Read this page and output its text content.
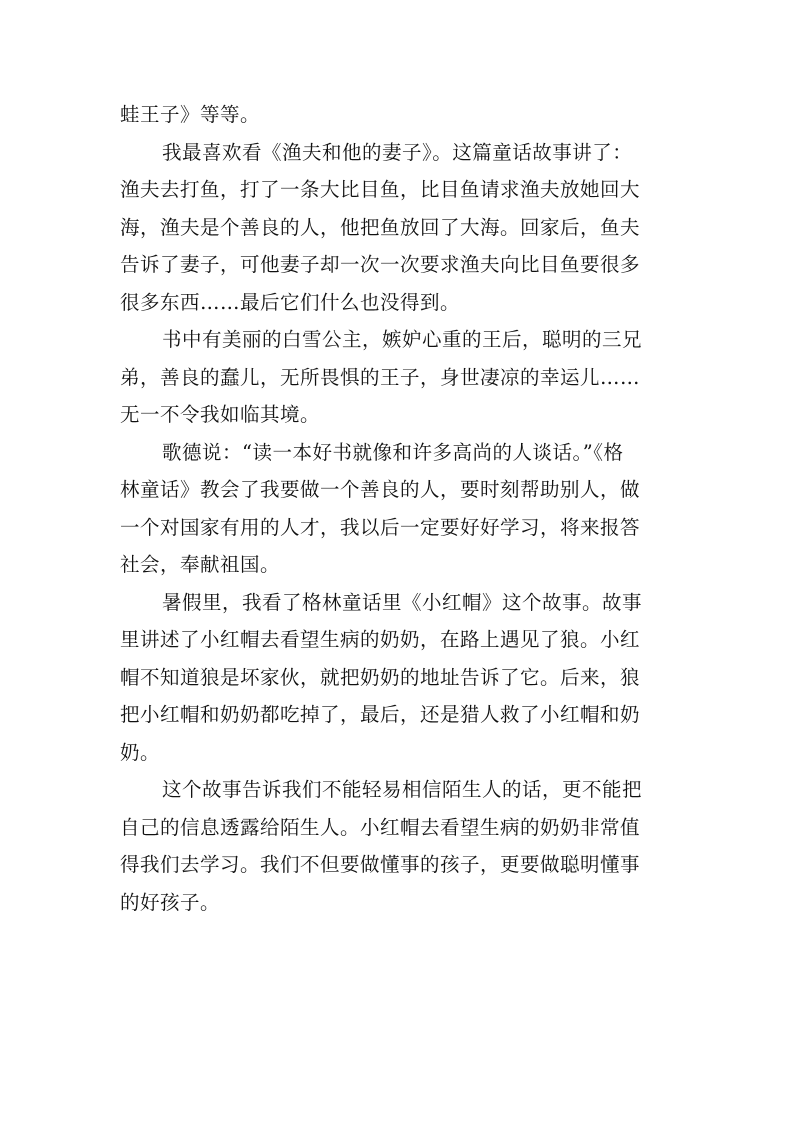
蛙王子》等等。
我最喜欢看《渔夫和他的妻子》。这篇童话故事讲了：
渔夫去打鱼，打了一条大比目鱼，比目鱼请求渔夫放她回大
海，渔夫是个善良的人，他把鱼放回了大海。回家后，鱼夫
告诉了妻子，可他妻子却一次一次要求渔夫向比目鱼要很多
很多东西……最后它们什么也没得到。
书中有美丽的白雪公主，嫉妒心重的王后，聪明的三兄
弟，善良的蠢儿，无所畏惧的王子，身世凄凉的幸运儿……
无一不令我如临其境。
歌德说：“读一本好书就像和许多高尚的人谈话。”《格
林童话》教会了我要做一个善良的人，要时刻帮助别人，做
一个对国家有用的人才，我以后一定要好好学习，将来报答
社会，奉献祖国。
暑假里，我看了格林童话里《小红帽》这个故事。故事
里讲述了小红帽去看望生病的奶奶，在路上遇见了狼。小红
帽不知道狼是坏家伙，就把奶奶的地址告诉了它。后来，狼
把小红帽和奶奶都吃掉了，最后，还是猎人救了小红帽和奶
奶。
这个故事告诉我们不能轻易相信陌生人的话，更不能把
自己的信息透露给陌生人。小红帽去看望生病的奶奶非常值
得我们去学习。我们不但要做懂事的孩子，更要做聪明懂事
的好孩子。
